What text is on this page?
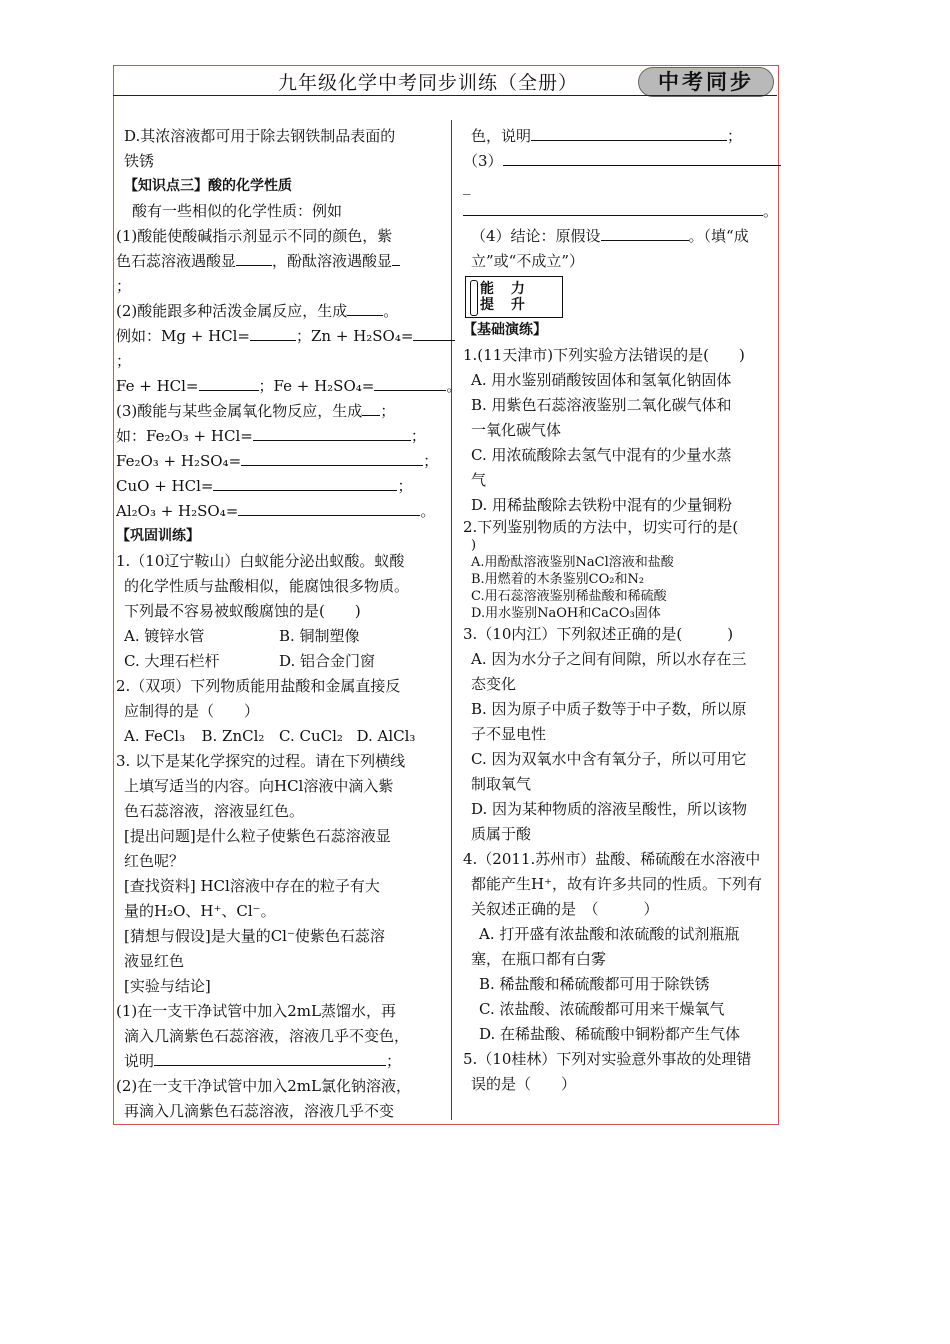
九年级化学中考同步训练（全册）	中考同步
D.其浓溶液都可用于除去钢铁制品表面的
铁锈
【知识点三】酸的化学性质
酸有一些相似的化学性质：例如
(1)酸能使酸碱指示剂显示不同的颜色，紫
色石蕊溶液遇酸显 ，酚酞溶液遇酸显
；
(2)酸能跟多种活泼金属反应，生成 。
例如：Mg + HCl=	；Zn + H₂SO₄=
；
Fe + HCl=	；Fe + H₂SO₄=	。
(3)酸能与某些金属氧化物反应，生成 ；
如：Fe₂O₃ + HCl=	；
Fe₂O₃ + H₂SO₄=	；
CuO + HCl=	；
Al₂O₃ + H₂SO₄=	。
【巩固训练】
1.（10辽宁鞍山）白蚁能分泌出蚁酸。蚁酸
的化学性质与盐酸相似，能腐蚀很多物质。
下列最不容易被蚁酸腐蚀的是(　　)
A. 镀锌水管	B. 铜制塑像
C. 大理石栏杆	D. 铝合金门窗
2.（双项）下列物质能用盐酸和金属直接反
应制得的是（　　）
A. FeCl₃	B. ZnCl₂ C. CuCl₂ D. AlCl₃
3. 以下是某化学探究的过程。请在下列横线
上填写适当的内容。向HCl溶液中滴入紫
色石蕊溶液，溶液显红色。
[提出问题]是什么粒子使紫色石蕊溶液显
红色呢？
[查找资料] HCl溶液中存在的粒子有大
量的H₂O、H⁺、Cl⁻。
[猜想与假设]是大量的Cl⁻使紫色石蕊溶
液显红色
[实验与结论]
(1)在一支干净试管中加入2mL蒸馏水，再
滴入几滴紫色石蕊溶液，溶液几乎不变色，
说明	；
(2)在一支干净试管中加入2mL氯化钠溶液，
再滴入几滴紫色石蕊溶液，溶液几乎不变
色，说明	；
（3）
_
。
（4）结论：原假设	。（填“成
立”或“不成立”）
能 力 提 升
【基础演练】
1.(11天津市)下列实验方法错误的是(　　)
A. 用水鉴别硝酸铵固体和氢氧化钠固体
B. 用紫色石蕊溶液鉴别二氧化碳气体和
一氧化碳气体
C. 用浓硫酸除去氢气中混有的少量水蒸
气
D. 用稀盐酸除去铁粉中混有的少量铜粉
2.下列鉴别物质的方法中，切实可行的是(
)
A.用酚酞溶液鉴别NaCl溶液和盐酸
B.用燃着的木条鉴别CO₂和N₂
C.用石蕊溶液鉴别稀盐酸和稀硫酸
D.用水鉴别NaOH和CaCO₃固体
3.（10内江）下列叙述正确的是(　　　)
A. 因为水分子之间有间隙，所以水存在三
态变化
B. 因为原子中质子数等于中子数，所以原
子不显电性
C. 因为双氧水中含有氧分子，所以可用它
制取氧气
D. 因为某种物质的溶液呈酸性，所以该物
质属于酸
4.（2011.苏州市）盐酸、稀硫酸在水溶液中
都能产生H⁺，故有许多共同的性质。下列有
关叙述正确的是　（　　　）
A. 打开盛有浓盐酸和浓硫酸的试剂瓶瓶
塞，在瓶口都有白雾
B. 稀盐酸和稀硫酸都可用于除铁锈
C. 浓盐酸、浓硫酸都可用来干燥氧气
D. 在稀盐酸、稀硫酸中铜粉都产生气体
5.（10桂林）下列对实验意外事故的处理错
误的是（　　）
